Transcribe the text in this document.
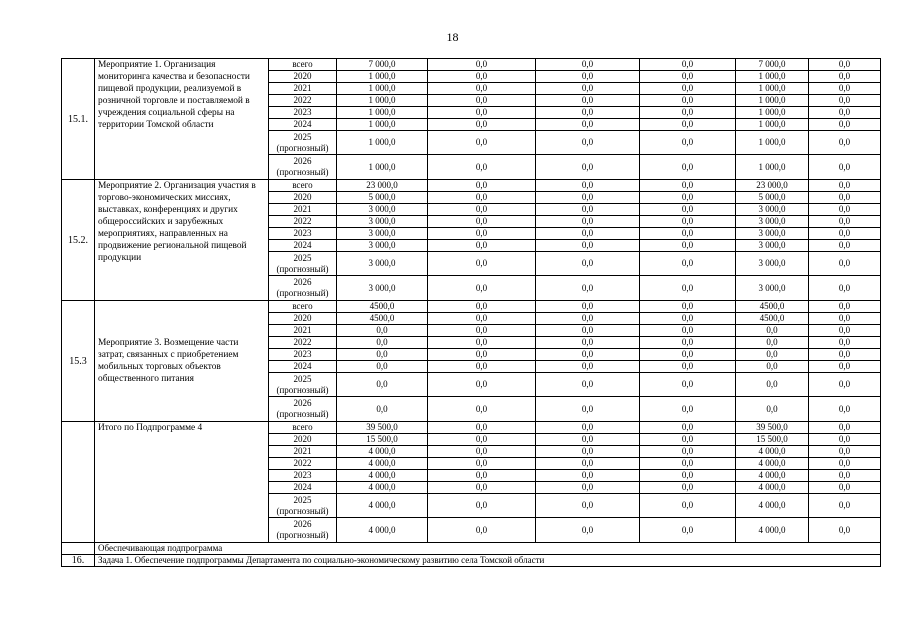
18
15.1.	Мероприятие 1. Организация мониторинга качества и безопасности пищевой продукции, реализуемой в розничной торговле и поставляемой в учреждения социальной сферы на территории Томской области	всего	7 000,0	0,0	0,0	0,0	7 000,0	0,0
		2020	1 000,0	0,0	0,0	0,0	1 000,0	0,0
		2021	1 000,0	0,0	0,0	0,0	1 000,0	0,0
		2022	1 000,0	0,0	0,0	0,0	1 000,0	0,0
		2023	1 000,0	0,0	0,0	0,0	1 000,0	0,0
		2024	1 000,0	0,0	0,0	0,0	1 000,0	0,0
		2025 (прогнозный)	1 000,0	0,0	0,0	0,0	1 000,0	0,0
		2026 (прогнозный)	1 000,0	0,0	0,0	0,0	1 000,0	0,0
15.2.	Мероприятие 2. Организация участия в торгово-экономических миссиях, выставках, конференциях и других общероссийских и зарубежных мероприятиях, направленных на продвижение региональной пищевой продукции	всего	23 000,0	0,0	0,0	0,0	23 000,0	0,0
		2020	5 000,0	0,0	0,0	0,0	5 000,0	0,0
		2021	3 000,0	0,0	0,0	0,0	3 000,0	0,0
		2022	3 000,0	0,0	0,0	0,0	3 000,0	0,0
		2023	3 000,0	0,0	0,0	0,0	3 000,0	0,0
		2024	3 000,0	0,0	0,0	0,0	3 000,0	0,0
		2025 (прогнозный)	3 000,0	0,0	0,0	0,0	3 000,0	0,0
		2026 (прогнозный)	3 000,0	0,0	0,0	0,0	3 000,0	0,0
15.3	Мероприятие 3. Возмещение части затрат, связанных с приобретением мобильных торговых объектов общественного питания	всего	4500,0	0,0	0,0	0,0	4500,0	0,0
		2020	4500,0	0,0	0,0	0,0	4500,0	0,0
		2021	0,0	0,0	0,0	0,0	0,0	0,0
		2022	0,0	0,0	0,0	0,0	0,0	0,0
		2023	0,0	0,0	0,0	0,0	0,0	0,0
		2024	0,0	0,0	0,0	0,0	0,0	0,0
		2025 (прогнозный)	0,0	0,0	0,0	0,0	0,0	0,0
		2026 (прогнозный)	0,0	0,0	0,0	0,0	0,0	0,0
	Итого по Подпрограмме 4	всего	39 500,0	0,0	0,0	0,0	39 500,0	0,0
		2020	15 500,0	0,0	0,0	0,0	15 500,0	0,0
		2021	4 000,0	0,0	0,0	0,0	4 000,0	0,0
		2022	4 000,0	0,0	0,0	0,0	4 000,0	0,0
		2023	4 000,0	0,0	0,0	0,0	4 000,0	0,0
		2024	4 000,0	0,0	0,0	0,0	4 000,0	0,0
		2025 (прогнозный)	4 000,0	0,0	0,0	0,0	4 000,0	0,0
		2026 (прогнозный)	4 000,0	0,0	0,0	0,0	4 000,0	0,0
	Обеспечивающая подпрограмма							
16.	Задача 1. Обеспечение подпрограммы Департамента по социально-экономическому развитию села Томской области							
